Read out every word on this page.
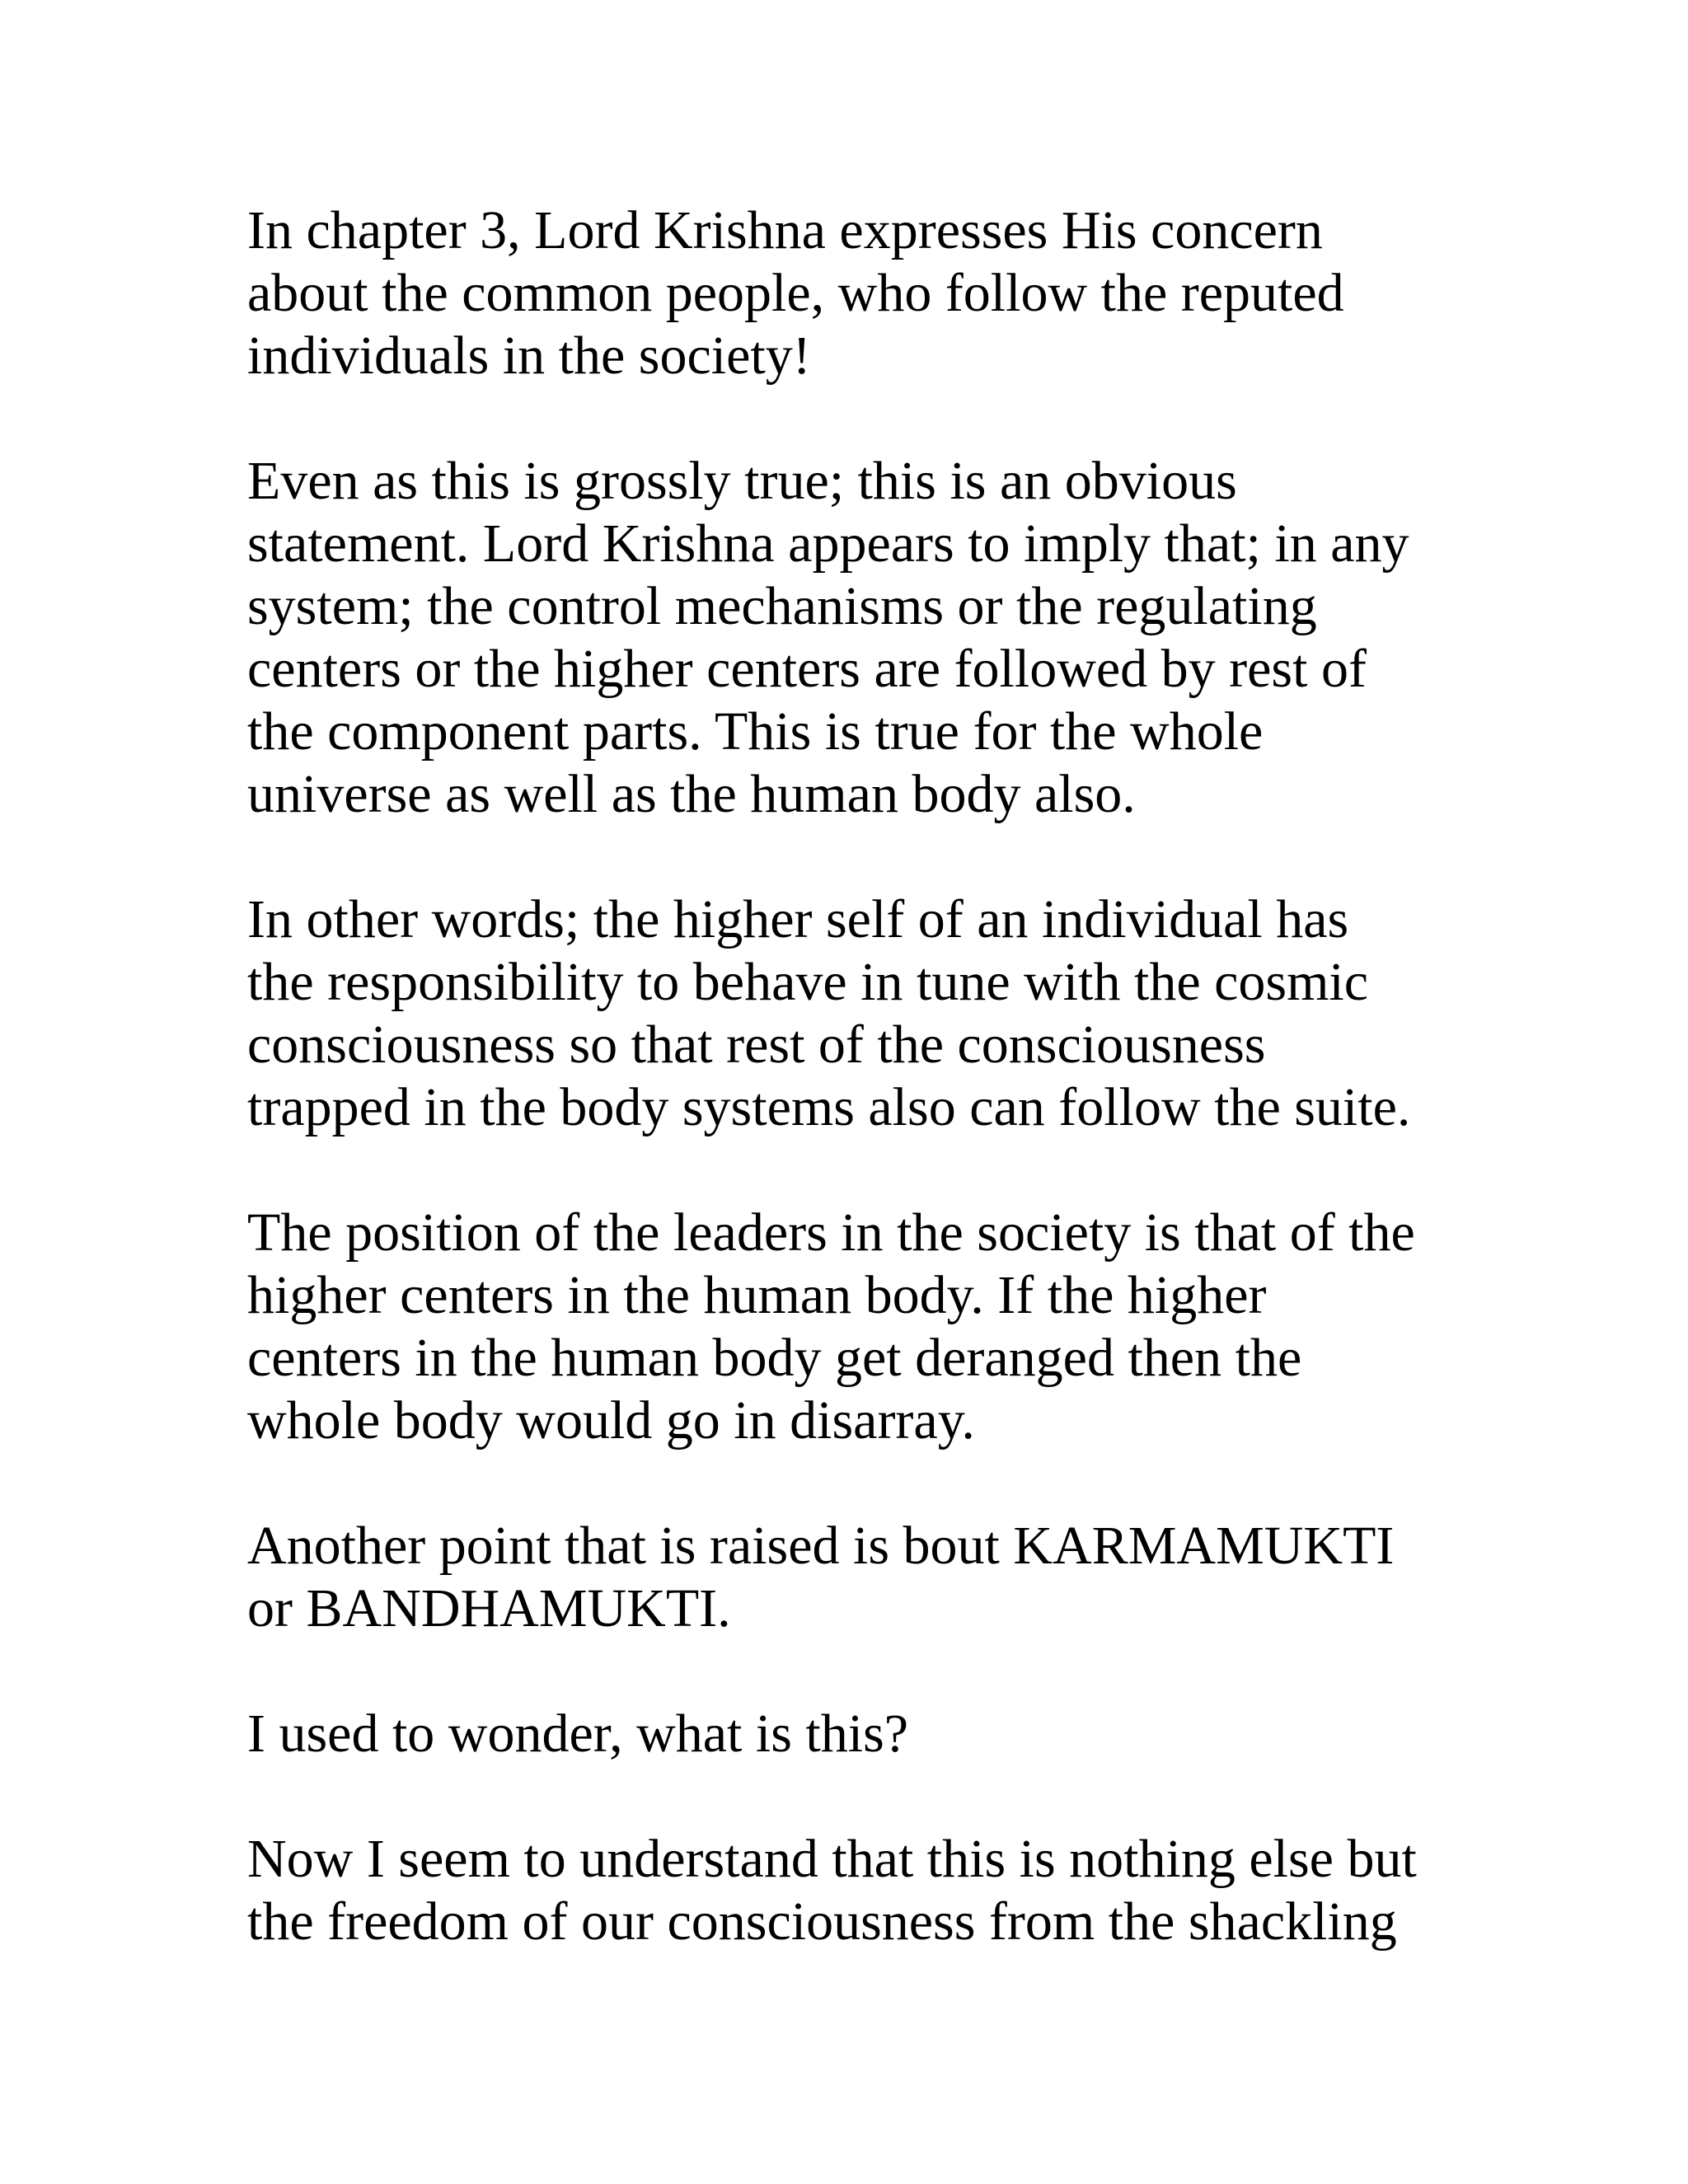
In chapter 3, Lord Krishna expresses His concern
about the common people, who follow the reputed
individuals in the society!

Even as this is grossly true; this is an obvious
statement. Lord Krishna appears to imply that; in any
system; the control mechanisms or the regulating
centers or the higher centers are followed by rest of
the component parts. This is true for the whole
universe as well as the human body also.

In other words; the higher self of an individual has
the responsibility to behave in tune with the cosmic
consciousness so that rest of the consciousness
trapped in the body systems also can follow the suite.

The position of the leaders in the society is that of the
higher centers in the human body. If the higher
centers in the human body get deranged then the
whole body would go in disarray.

Another point that is raised is bout KARMAMUKTI
or BANDHAMUKTI.

I used to wonder, what is this?

Now I seem to understand that this is nothing else but
the freedom of our consciousness from the shackling
